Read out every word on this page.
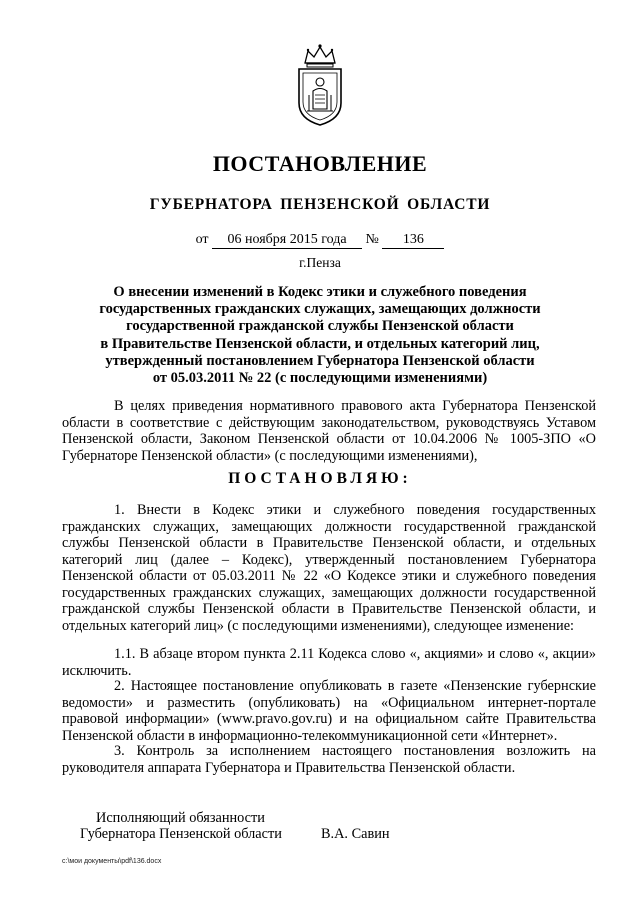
ПОСТАНОВЛЕНИЕ
ГУБЕРНАТОРА ПЕНЗЕНСКОЙ ОБЛАСТИ
от 06 ноября 2015 года № 136
г.Пенза
О внесении изменений в Кодекс этики и служебного поведения
государственных гражданских служащих, замещающих должности
государственной гражданской службы Пензенской области
в Правительстве Пензенской области, и отдельных категорий лиц,
утвержденный постановлением Губернатора Пензенской области
от 05.03.2011 № 22 (с последующими изменениями)
В целях приведения нормативного правового акта Губернатора Пензенской области в соответствие с действующим законодательством, руководствуясь Уставом Пензенской области, Законом Пензенской области от 10.04.2006 № 1005-ЗПО «О Губернаторе Пензенской области» (с последующими изменениями),
ПОСТАНОВЛЯЮ:
1. Внести в Кодекс этики и служебного поведения государственных гражданских служащих, замещающих должности государственной гражданской службы Пензенской области в Правительстве Пензенской области, и отдельных категорий лиц (далее – Кодекс), утвержденный постановлением Губернатора Пензенской области от 05.03.2011 № 22 «О Кодексе этики и служебного поведения государственных гражданских служащих, замещающих должности государственной гражданской службы Пензенской области в Правительстве Пензенской области, и отдельных категорий лиц» (с последующими изменениями), следующее изменение:
1.1. В абзаце втором пункта 2.11 Кодекса слово «, акциями» и слово «, акции» исключить.
2. Настоящее постановление опубликовать в газете «Пензенские губернские ведомости» и разместить (опубликовать) на «Официальном интернет-портале правовой информации» (www.pravo.gov.ru) и на официальном сайте Правительства Пензенской области в информационно-телекоммуникационной сети «Интернет».
3. Контроль за исполнением настоящего постановления возложить на руководителя аппарата Губернатора и Правительства Пензенской области.
Исполняющий обязанности
Губернатора Пензенской области	В.А. Савин
c:\мои документы\pdf\136.docx
